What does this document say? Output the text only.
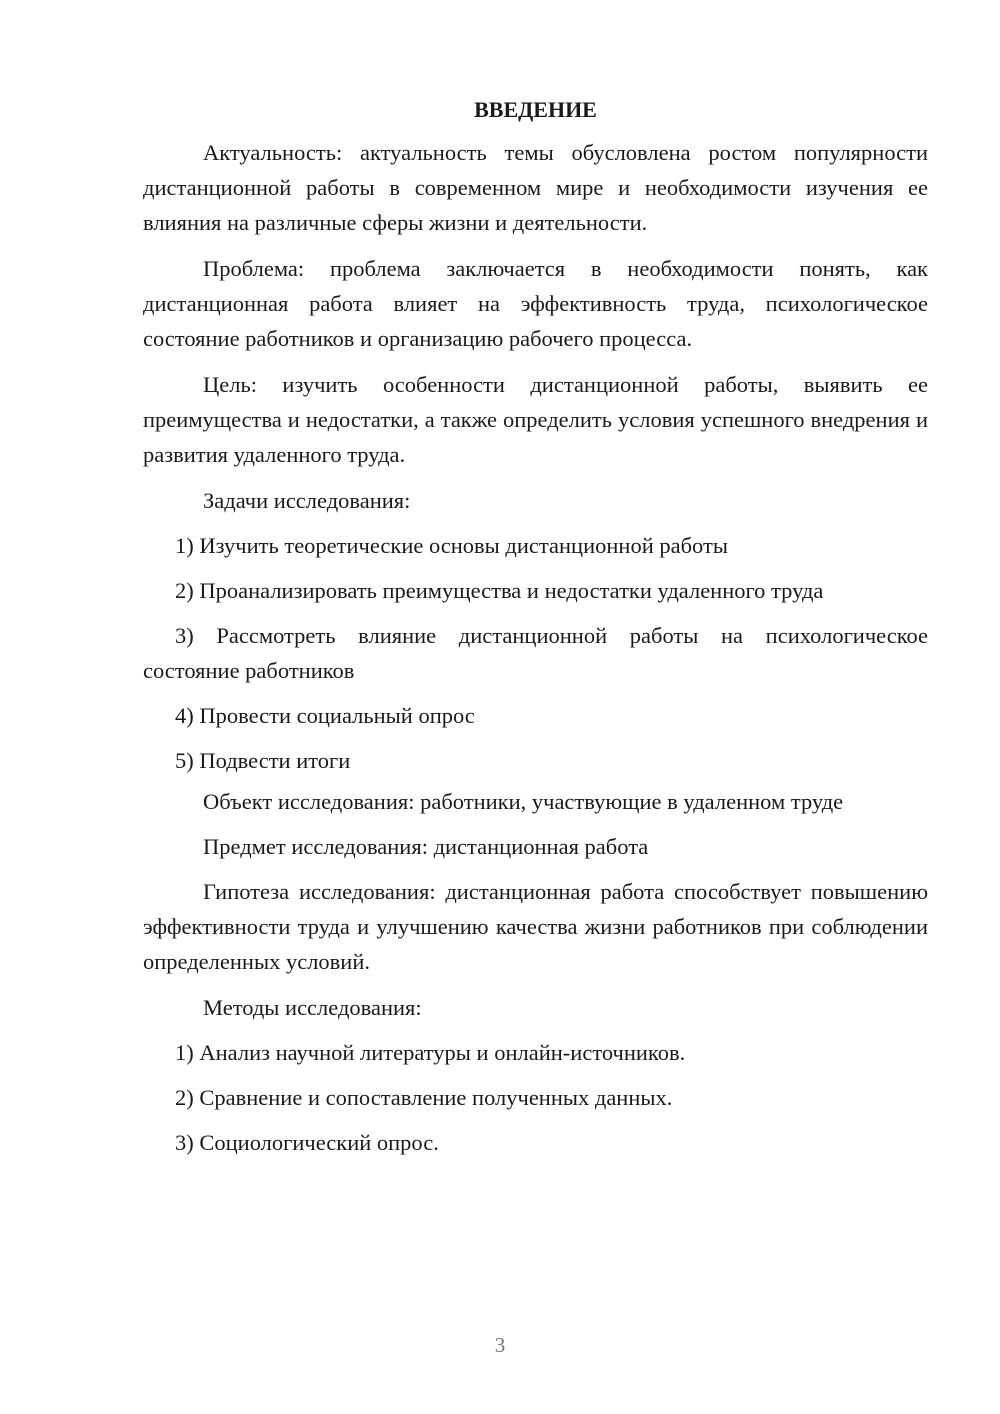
ВВЕДЕНИЕ

Актуальность: актуальность темы обусловлена ростом популярности дистанционной работы в современном мире и необходимости изучения ее влияния на различные сферы жизни и деятельности.

Проблема: проблема заключается в необходимости понять, как дистанционная работа влияет на эффективность труда, психологическое состояние работников и организацию рабочего процесса.

Цель: изучить особенности дистанционной работы, выявить ее преимущества и недостатки, а также определить условия успешного внедрения и развития удаленного труда.

Задачи исследования:

1) Изучить теоретические основы дистанционной работы

2) Проанализировать преимущества и недостатки удаленного труда

3) Рассмотреть влияние дистанционной работы на психологическое состояние работников

4) Провести социальный опрос

5) Подвести итоги

Объект исследования: работники, участвующие в удаленном труде

Предмет исследования: дистанционная работа

Гипотеза исследования: дистанционная работа способствует повышению эффективности труда и улучшению качества жизни работников при соблюдении определенных условий.

Методы исследования:

1) Анализ научной литературы и онлайн-источников.

2) Сравнение и сопоставление полученных данных.

3) Социологический опрос.

3
